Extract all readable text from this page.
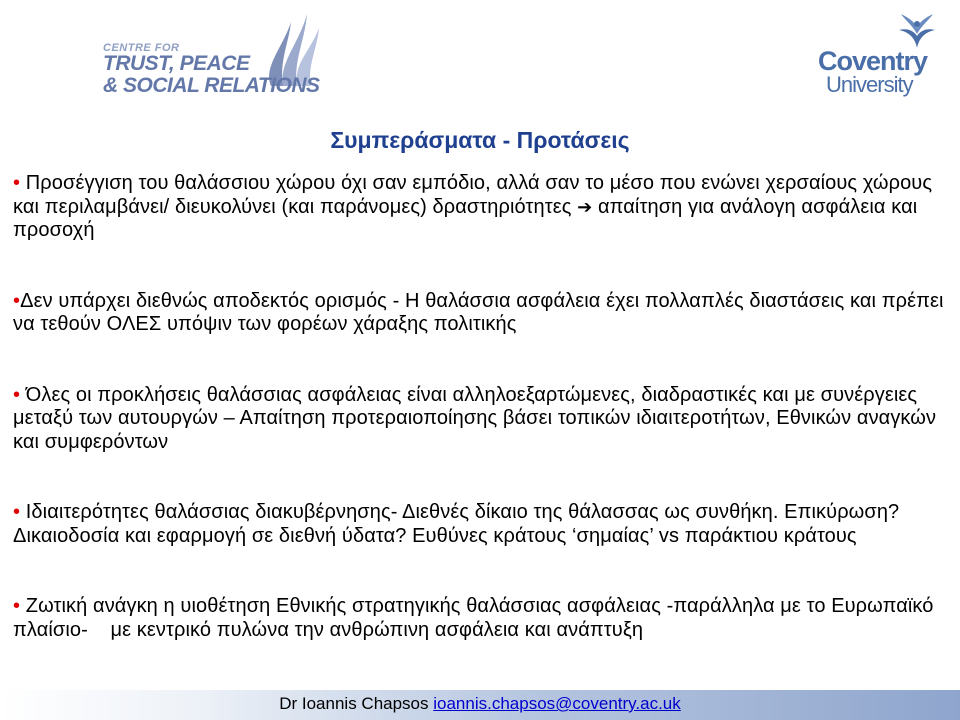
CENTRE FOR
TRUST, PEACE
& SOCIAL RELATIONS
Coventry
University
Συμπεράσματα - Προτάσεις

• Προσέγγιση του θαλάσσιου χώρου όχι σαν εμπόδιο, αλλά σαν το μέσο που ενώνει χερσαίους χώρους και περιλαμβάνει/ διευκολύνει (και παράνομες) δραστηριότητες ➔ απαίτηση για ανάλογη ασφάλεια και προσοχή

•Δεν υπάρχει διεθνώς αποδεκτός ορισμός - Η θαλάσσια ασφάλεια έχει πολλαπλές διαστάσεις και πρέπει να τεθούν ΟΛΕΣ υπόψιν των φορέων χάραξης πολιτικής

• Όλες οι προκλήσεις θαλάσσιας ασφάλειας είναι αλληλοεξαρτώμενες, διαδραστικές και με συνέργειες μεταξύ των αυτουργών – Απαίτηση προτεραιοποίησης βάσει τοπικών ιδιαιτεροτήτων, Εθνικών αναγκών και συμφερόντων

• Ιδιαιτερότητες θαλάσσιας διακυβέρνησης- Διεθνές δίκαιο της θάλασσας ως συνθήκη. Επικύρωση? Δικαιοδοσία και εφαρμογή σε διεθνή ύδατα? Ευθύνες κράτους ‘σημαίας’ vs παράκτιου κράτους

• Ζωτική ανάγκη η υιοθέτηση Εθνικής στρατηγικής θαλάσσιας ασφάλειας -παράλληλα με το Ευρωπαϊκό πλαίσιο-    με κεντρικό πυλώνα την ανθρώπινη ασφάλεια και ανάπτυξη

Dr Ioannis Chapsos ioannis.chapsos@coventry.ac.uk
